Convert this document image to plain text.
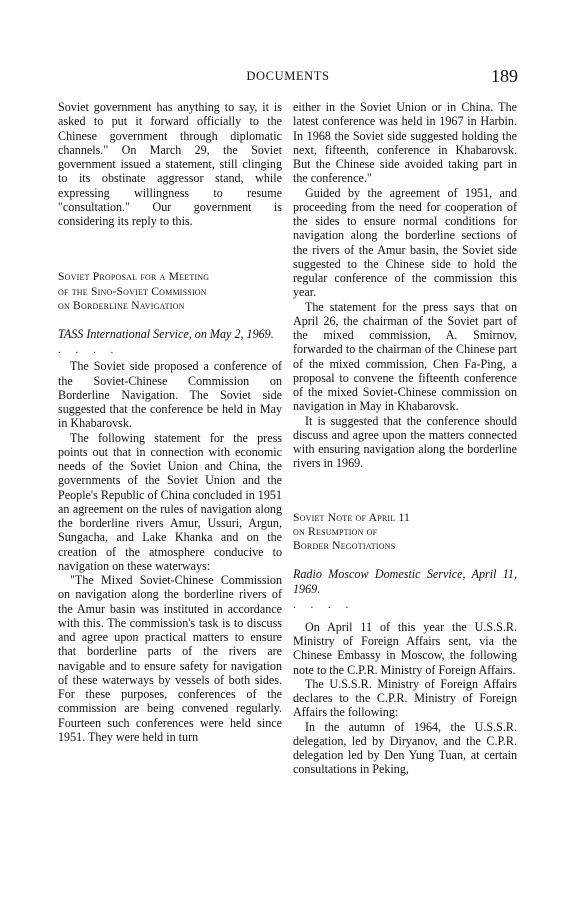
DOCUMENTS	189

Soviet government has anything to say, it is asked to put it forward officially to the Chinese government through diplomatic channels." On March 29, the Soviet government issued a statement, still clinging to its obstinate aggressor stand, while expressing willingness to resume "consultation." Our government is considering its reply to this.

Soviet Proposal for a Meeting

of the Sino-Soviet Commission

on Borderline Navigation

TASS International Service, on May 2, 1969.

. . . .

The Soviet side proposed a conference of the Soviet-Chinese Commission on Borderline Navigation. The Soviet side suggested that the conference be held in May in Khabarovsk.

The following statement for the press points out that in connection with economic needs of the Soviet Union and China, the governments of the Soviet Union and the People's Republic of China concluded in 1951 an agreement on the rules of navigation along the borderline rivers Amur, Ussuri, Argun, Sungacha, and Lake Khanka and on the creation of the atmosphere conducive to navigation on these waterways:

"The Mixed Soviet-Chinese Commission on navigation along the borderline rivers of the Amur basin was instituted in accordance with this. The commission's task is to discuss and agree upon practical matters to ensure that borderline parts of the rivers are navigable and to ensure safety for navigation of these waterways by vessels of both sides. For these purposes, conferences of the commission are being convened regularly. Fourteen such conferences were held since 1951. They were held in turn

either in the Soviet Union or in China. The latest conference was held in 1967 in Harbin. In 1968 the Soviet side suggested holding the next, fifteenth, conference in Khabarovsk. But the Chinese side avoided taking part in the conference."

Guided by the agreement of 1951, and proceeding from the need for cooperation of the sides to ensure normal conditions for navigation along the borderline sections of the rivers of the Amur basin, the Soviet side suggested to the Chinese side to hold the regular conference of the commission this year.

The statement for the press says that on April 26, the chairman of the Soviet part of the mixed commission, A. Smirnov, forwarded to the chairman of the Chinese part of the mixed commission, Chen Fa-Ping, a proposal to convene the fifteenth conference of the mixed Soviet-Chinese commission on navigation in May in Khabarovsk.

It is suggested that the conference should discuss and agree upon the matters connected with ensuring navigation along the borderline rivers in 1969.

Soviet Note of April 11

on Resumption of

Border Negotiations

Radio Moscow Domestic Service, April 11, 1969.

. . . .

On April 11 of this year the U.S.S.R. Ministry of Foreign Affairs sent, via the Chinese Embassy in Moscow, the following note to the C.P.R. Ministry of Foreign Affairs.

The U.S.S.R. Ministry of Foreign Affairs declares to the C.P.R. Ministry of Foreign Affairs the following:

In the autumn of 1964, the U.S.S.R. delegation, led by Diryanov, and the C.P.R. delegation led by Den Yung Tuan, at certain consultations in Peking,
